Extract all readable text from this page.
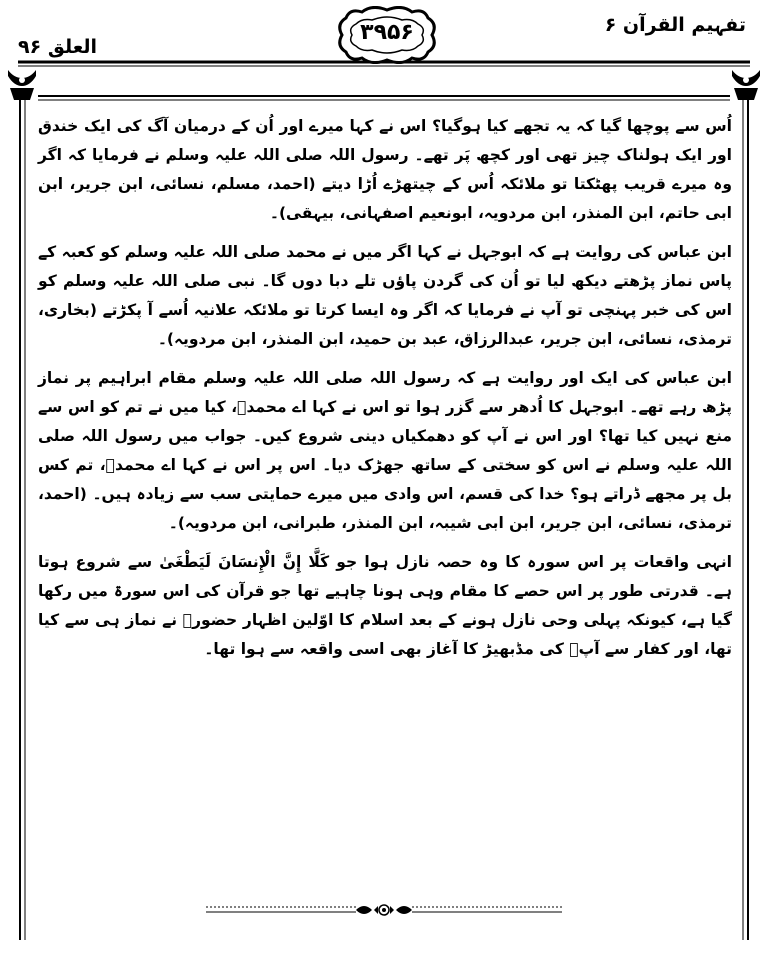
تفہیم القرآن ۶
۳۹۵۶
العلق ۹۶

اُس سے پوچھا گیا کہ یہ تجھے کیا ہوگیا؟ اس نے کہا میرے اور اُن کے درمیان آگ کی ایک خندق اور ایک ہولناک چیز تھی اور کچھ پَر تھے۔ رسول اللہ صلی اللہ علیہ وسلم نے فرمایا کہ اگر وہ میرے قریب پھٹکتا تو ملائکہ اُس کے چیتھڑے اُڑا دیتے (احمد، مسلم، نسائی، ابن جریر، ابن ابی حاتم، ابن المنذر، ابن مردویہ، ابونعیم اصفہانی، بیہقی)۔

ابن عباس کی روایت ہے کہ ابوجہل نے کہا اگر میں نے محمد صلی اللہ علیہ وسلم کو کعبہ کے پاس نماز پڑھتے دیکھ لیا تو اُن کی گردن پاؤں تلے دبا دوں گا۔ نبی صلی اللہ علیہ وسلم کو اس کی خبر پہنچی تو آپ نے فرمایا کہ اگر وہ ایسا کرتا تو ملائکہ علانیہ اُسے آ پکڑتے (بخاری، ترمذی، نسائی، ابن جریر، عبدالرزاق، عبد بن حمید، ابن المنذر، ابن مردویہ)۔

ابن عباس کی ایک اور روایت ہے کہ رسول اللہ صلی اللہ علیہ وسلم مقام ابراہیم پر نماز پڑھ رہے تھے۔ ابوجہل کا اُدھر سے گزر ہوا تو اس نے کہا اے محمدؐ، کیا میں نے تم کو اس سے منع نہیں کیا تھا؟ اور اس نے آپ کو دھمکیاں دینی شروع کیں۔ جواب میں رسول اللہ صلی اللہ علیہ وسلم نے اس کو سختی کے ساتھ جھڑک دیا۔ اس پر اس نے کہا اے محمدؐ، تم کس بل پر مجھے ڈراتے ہو؟ خدا کی قسم، اس وادی میں میرے حمایتی سب سے زیادہ ہیں۔ (احمد، ترمذی، نسائی، ابن جریر، ابن ابی شیبہ، ابن المنذر، طبرانی، ابن مردویہ)۔

انہی واقعات پر اس سورہ کا وہ حصہ نازل ہوا جو كَلَّا إِنَّ الْإِنسَانَ لَيَطْغَىٰ سے شروع ہوتا ہے۔ قدرتی طور پر اس حصے کا مقام وہی ہونا چاہیے تھا جو قرآن کی اس سورۃ میں رکھا گیا ہے، کیونکہ پہلی وحی نازل ہونے کے بعد اسلام کا اوّلین اظہار حضورؐ نے نماز ہی سے کیا تھا، اور کفار سے آپؐ کی مڈبھیڑ کا آغاز بھی اسی واقعہ سے ہوا تھا۔
